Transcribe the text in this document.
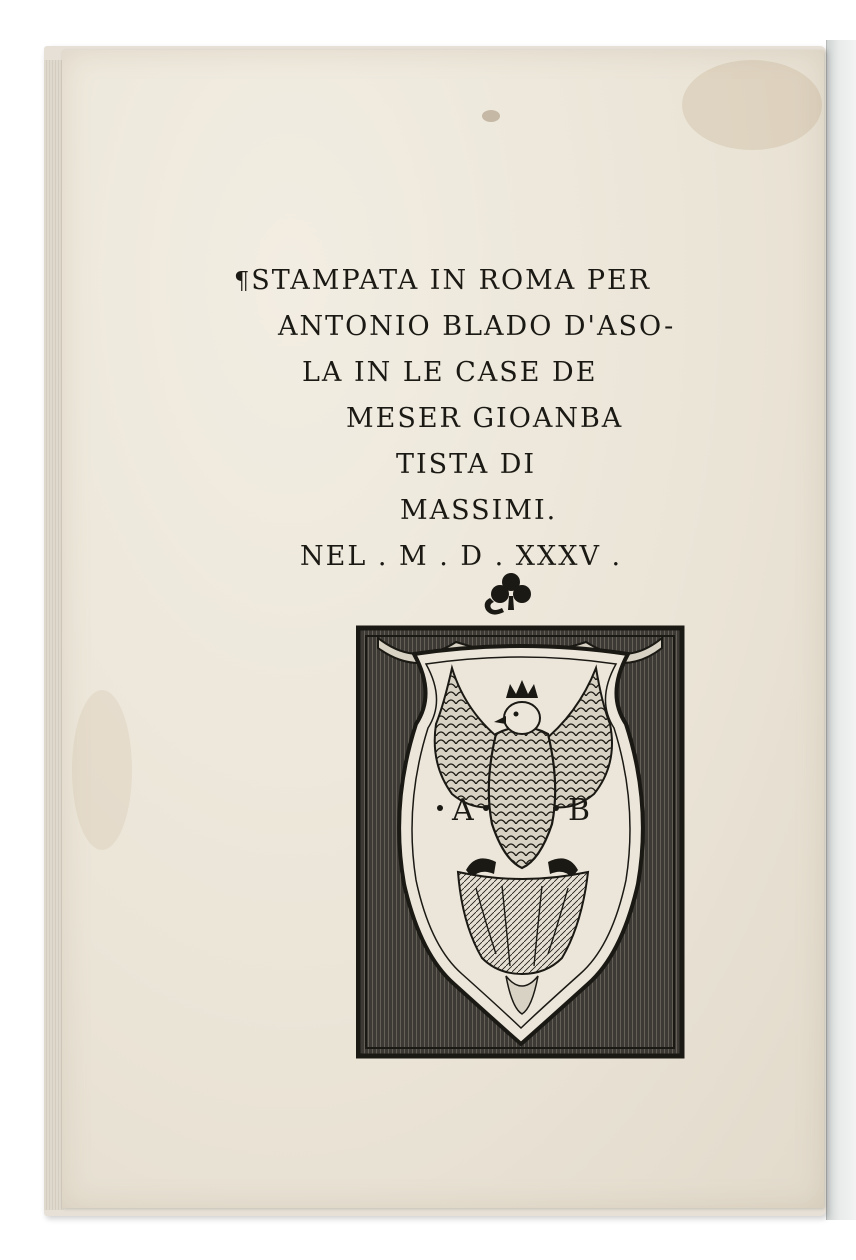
¶STAMPATA IN ROMA PER
ANTONIO BLADO D'ASO-
LA IN LE CASE DE
MESER GIOANBA
TISTA DI
MASSIMI.
NEL . M . D . XXXV .
A	B
